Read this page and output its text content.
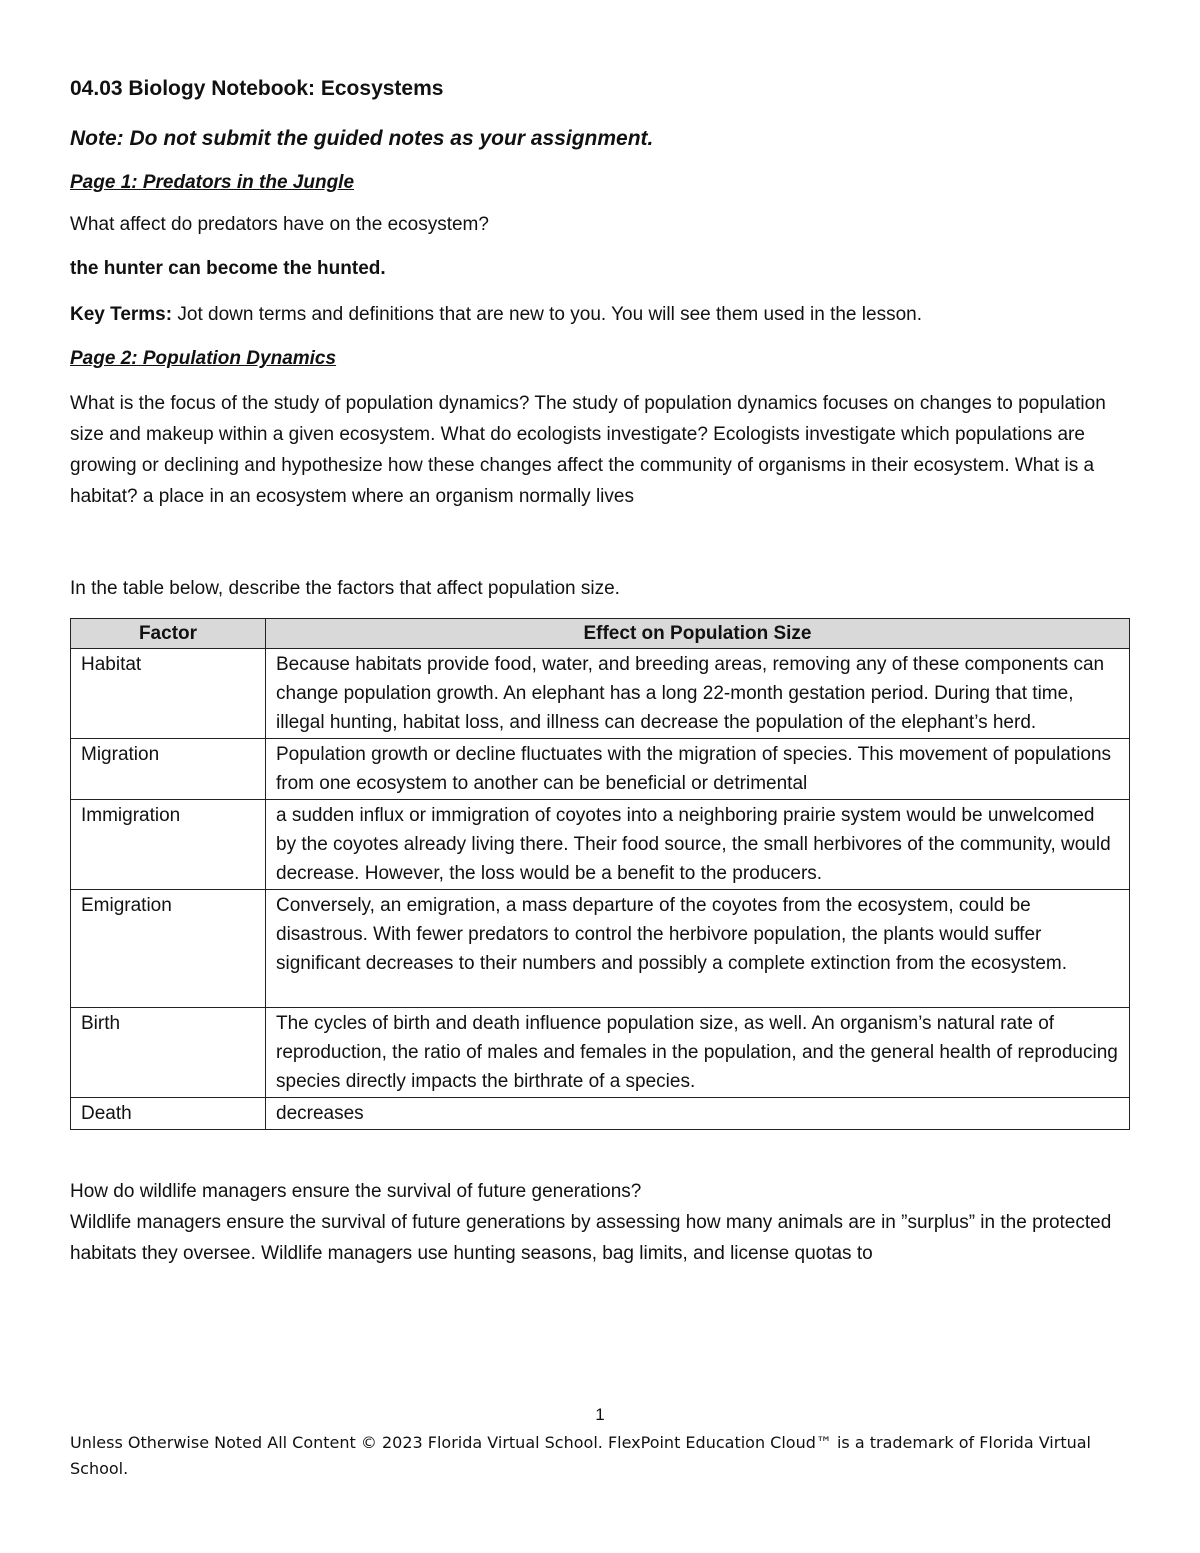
04.03 Biology Notebook: Ecosystems

Note: Do not submit the guided notes as your assignment.

Page 1: Predators in the Jungle

What affect do predators have on the ecosystem?

the hunter can become the hunted.

Key Terms: Jot down terms and definitions that are new to you. You will see them used in the lesson.

Page 2: Population Dynamics

What is the focus of the study of population dynamics? The study of population dynamics focuses on changes to population size and makeup within a given ecosystem. What do ecologists investigate? Ecologists investigate which populations are growing or declining and hypothesize how these changes affect the community of organisms in their ecosystem. What is a habitat? a place in an ecosystem where an organism normally lives

In the table below, describe the factors that affect population size.

Factor	Effect on Population Size
Habitat	Because habitats provide food, water, and breeding areas, removing any of these components can change population growth. An elephant has a long 22-month gestation period. During that time, illegal hunting, habitat loss, and illness can decrease the population of the elephant’s herd.
Migration	Population growth or decline fluctuates with the migration of species. This movement of populations from one ecosystem to another can be beneficial or detrimental
Immigration	a sudden influx or immigration of coyotes into a neighboring prairie system would be unwelcomed by the coyotes already living there. Their food source, the small herbivores of the community, would decrease. However, the loss would be a benefit to the producers.
Emigration	Conversely, an emigration, a mass departure of the coyotes from the ecosystem, could be disastrous. With fewer predators to control the herbivore population, the plants would suffer significant decreases to their numbers and possibly a complete extinction from the ecosystem.
Birth	The cycles of birth and death influence population size, as well. An organism’s natural rate of reproduction, the ratio of males and females in the population, and the general health of reproducing species directly impacts the birthrate of a species.
Death	decreases

How do wildlife managers ensure the survival of future generations?

Wildlife managers ensure the survival of future generations by assessing how many animals are in ”surplus” in the protected habitats they oversee. Wildlife managers use hunting seasons, bag limits, and license quotas to

1
Unless Otherwise Noted All Content © 2023 Florida Virtual School. FlexPoint Education Cloud™ is a trademark of Florida Virtual School.
